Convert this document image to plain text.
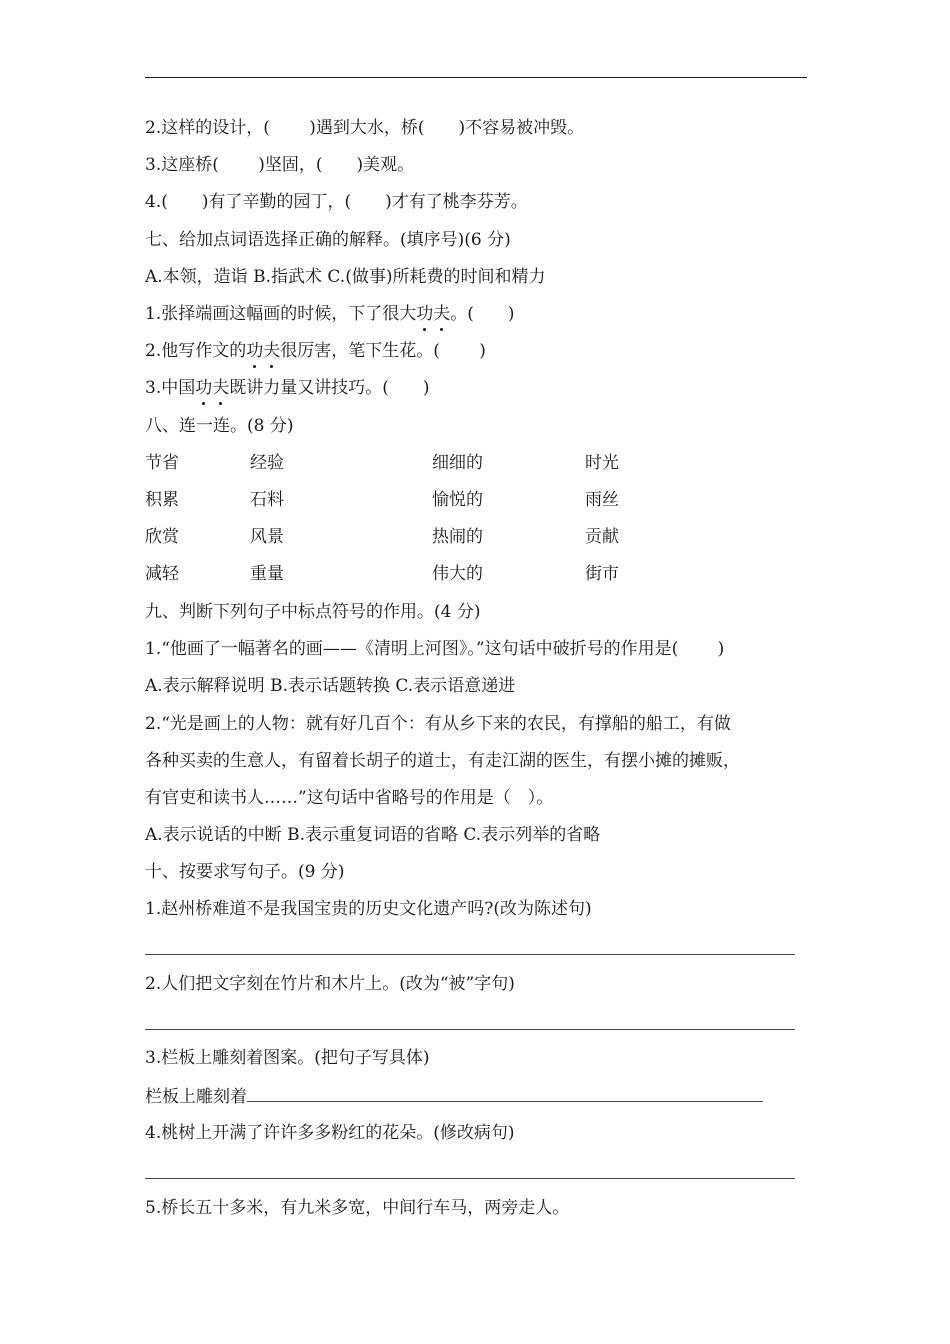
2.这样的设计，(　　 )遇到大水，桥(　　)不容易被冲毁。
3.这座桥(　　 )坚固，(　　)美观。
4.(　　)有了辛勤的园丁，(　　)才有了桃李芬芳。
七、给加点词语选择正确的解释。(填序号)(6 分)
A.本领，造诣 B.指武术 C.(做事)所耗费的时间和精力
1.张择端画这幅画的时候，下了很大功夫。(　　)
2.他写作文的功夫很厉害，笔下生花。(　　 )
3.中国功夫既讲力量又讲技巧。(　　)
八、连一连。(8 分)
节省	经验	细细的	时光
积累	石料	愉悦的	雨丝
欣赏	风景	热闹的	贡献
减轻	重量	伟大的	街市
九、判断下列句子中标点符号的作用。(4 分)
1.“他画了一幅著名的画——《清明上河图》。”这句话中破折号的作用是(　　 )
A.表示解释说明 B.表示话题转换 C.表示语意递进
2.“光是画上的人物：就有好几百个：有从乡下来的农民，有撑船的船工，有做
各种买卖的生意人，有留着长胡子的道士，有走江湖的医生，有摆小摊的摊贩，
有官吏和读书人……”这句话中省略号的作用是（　）。
A.表示说话的中断 B.表示重复词语的省略 C.表示列举的省略
十、按要求写句子。(9 分)
1.赵州桥难道不是我国宝贵的历史文化遗产吗?(改为陈述句)
2.人们把文字刻在竹片和木片上。(改为“被”字句)
3.栏板上雕刻着图案。(把句子写具体)
栏板上雕刻着
4.桃树上开满了许许多多粉红的花朵。(修改病句)
5.桥长五十多米，有九米多宽，中间行车马，两旁走人。
